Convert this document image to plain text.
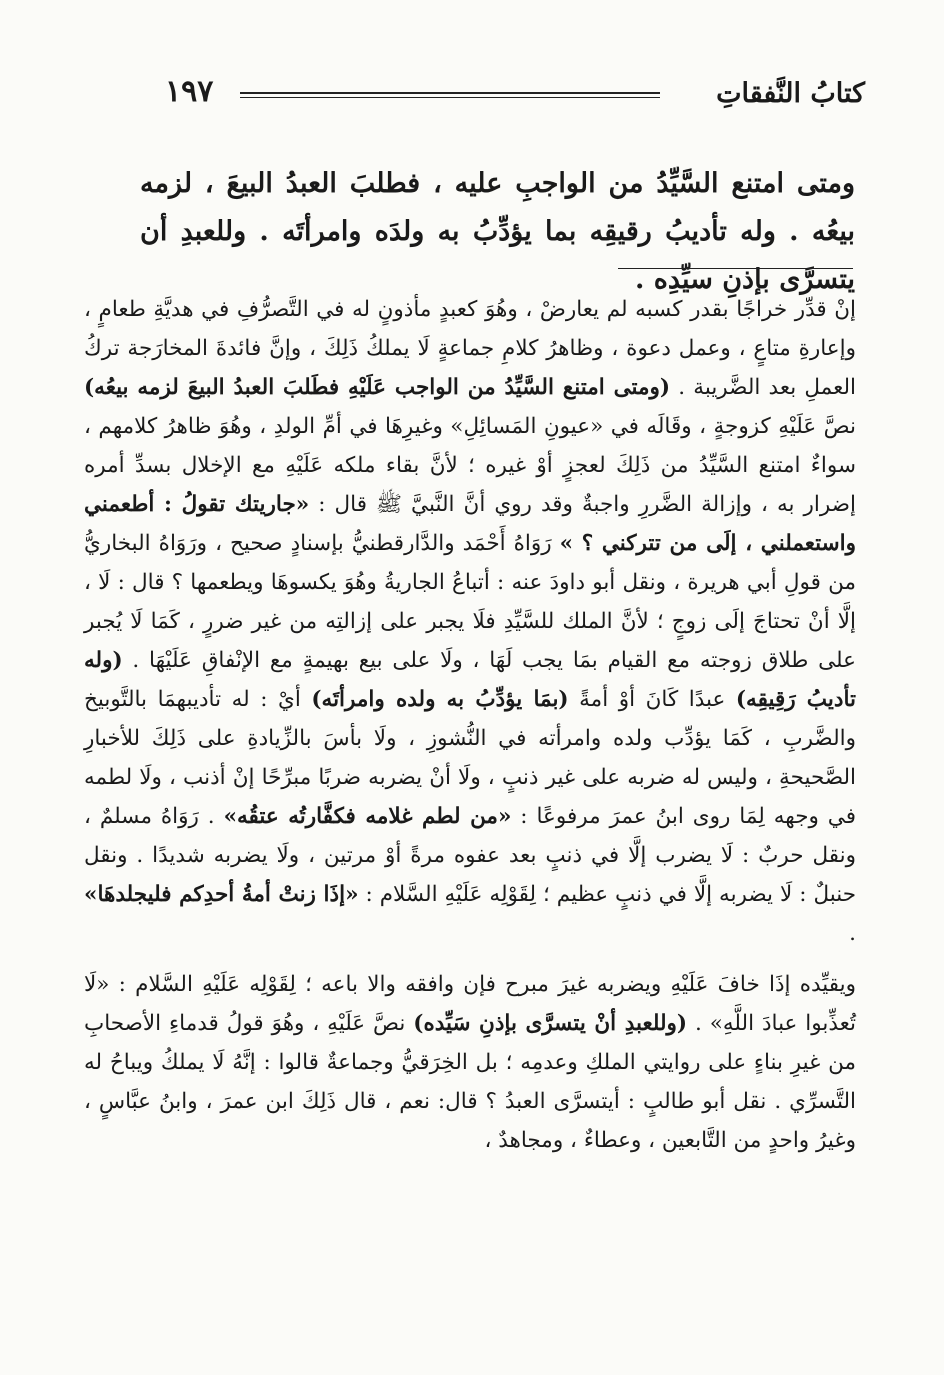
١٩٧	كتابُ النَّفقاتِ
ومتى امتنع السَّيِّدُ من الواجبِ عليه ، فطلبَ العبدُ البيعَ ، لزمه بيعُه . وله تأديبُ رقيقِه بما يؤدِّبُ به ولدَه وامرأتَه . وللعبدِ أن يتسرَّى بإذنِ سيِّدِه .

إنْ قدِّر خراجًا بقدر كسبه لم يعارضْ ، وهُوَ كعبدٍ مأذونٍ له في التَّصرُّفِ في هديَّةِ طعامٍ ، وإعارةِ متاعٍ ، وعمل دعوة ، وظاهرُ كلامِ جماعةٍ لَا يملكُ ذَلِكَ ، وإنَّ فائدةَ المخارَجة تركُ العملِ بعد الضَّريبة . (ومتى امتنع السَّيِّدُ من الواجب عَلَيْهِ فطَلبَ العبدُ البيعَ لزمه بيعُه) نصَّ عَلَيْهِ كزوجةٍ ، وقَالَه في «عيونِ المَسائِلِ» وغيرِهَا في أمِّ الولدِ ، وهُوَ ظاهرُ كلامهم ، سواءٌ امتنع السَّيِّدُ من ذَلِكَ لعجزٍ أوْ غيره ؛ لأنَّ بقاء ملكه عَلَيْهِ مع الإخلال بسدِّ أمره إضرار به ، وإزالة الضَّررِ واجبةٌ وقد روي أنَّ النَّبيَّ ﷺ قال : «جاريتك تقولُ : أطعمني واستعملني ، إلَى من تتركني ؟ » رَوَاهُ أَحْمَد والدَّارقطنيُّ بإسنادٍ صحيح ، ورَوَاهُ البخاريُّ من قولِ أبي هريرة ، ونقل أبو داودَ عنه : أتباعُ الجاريةُ وهُوَ يكسوهَا ويطعمها ؟ قال : لَا ، إلَّا أنْ تحتاجَ إلَى زوجٍ ؛ لأنَّ الملك للسَّيِّدِ فلَا يجبر على إزالتِه من غير ضررٍ ، كَمَا لَا يُجبر على طلاق زوجته مع القيام بمَا يجب لَهَا ، ولَا على بيع بهيمةٍ مع الإنْفاقِ عَلَيْهَا . (وله تأديبُ رَقِيقِه) عبدًا كَانَ أوْ أمةً (بمَا يؤدِّبُ به ولده وامرأتَه) أيْ : له تأديبهمَا بالتَّوبيخ والضَّربِ ، كَمَا يؤدِّب ولده وامرأته في النُّشوزِ ، ولَا بأسَ بالزِّيادةِ على ذَلِكَ للأخبارِ الصَّحيحةِ ، وليس له ضربه على غير ذنبٍ ، ولَا أنْ يضربه ضربًا مبرِّحًا إنْ أذنب ، ولَا لطمه في وجهه لِمَا روى ابنُ عمرَ مرفوعًا : «من لطم غلامه فكفَّارتُه عتقُه» . رَوَاهُ مسلمٌ ، ونقل حربٌ : لَا يضرب إلَّا في ذنبٍ بعد عفوه مرةً أوْ مرتين ، ولَا يضربه شديدًا . ونقل حنبلٌ : لَا يضربه إلَّا في ذنبٍ عظيم ؛ لِقَوْلِه عَلَيْهِ السَّلام : «إذَا زنتْ أمةُ أحدِكم فليجلدهَا» .

ويقيِّده إذَا خافَ عَلَيْهِ ويضربه غيرَ مبرح فإن وافقه والا باعه ؛ لِقَوْلِه عَلَيْهِ السَّلام : «لَا تُعذِّبوا عبادَ اللَّهِ» . (وللعبدِ أنْ يتسرَّى بإذنِ سَيِّده) نصَّ عَلَيْهِ ، وهُوَ قولُ قدماءِ الأصحابِ من غيرِ بناءٍ على روايتي الملكِ وعدمِه ؛ بل الخِرَقيُّ وجماعةٌ قالوا : إنَّهُ لَا يملكُ ويباحُ له التَّسرِّي . نقل أبو طالبٍ : أيتسرَّى العبدُ ؟ قال: نعم ، قال ذَلِكَ ابن عمرَ ، وابنُ عبَّاسٍ ، وغيرُ واحدٍ من التَّابعين ، وعطاءٌ ، ومجاهدٌ ،
